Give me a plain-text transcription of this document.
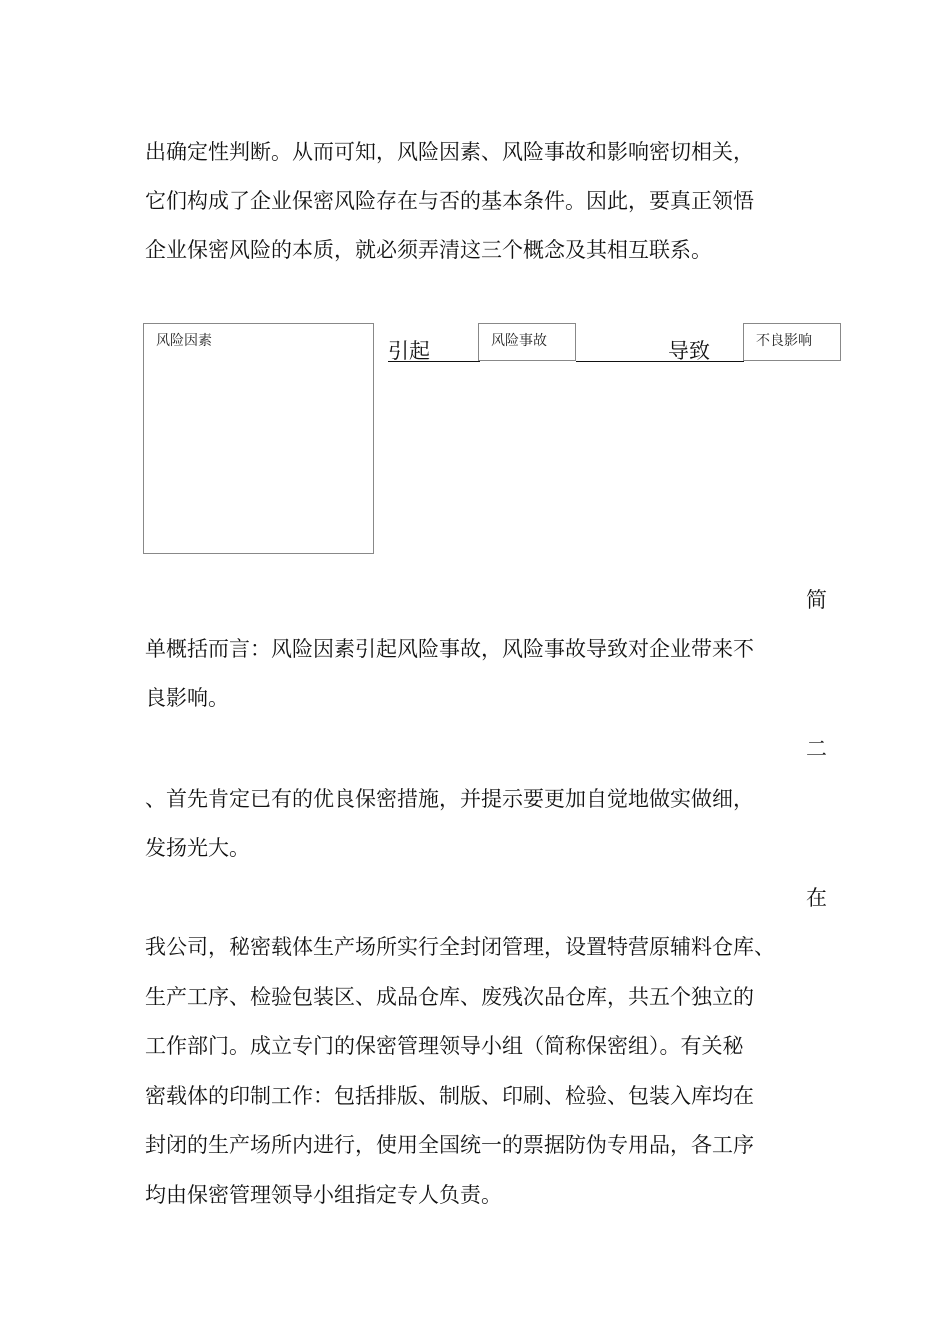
出确定性判断。从而可知，风险因素、风险事故和影响密切相关，

它们构成了企业保密风险存在与否的基本条件。因此，要真正领悟

企业保密风险的本质，就必须弄清这三个概念及其相互联系。

风险因素	引起	风险事故	导致	不良影响

简

单概括而言：风险因素引起风险事故，风险事故导致对企业带来不

良影响。

二

、首先肯定已有的优良保密措施，并提示要更加自觉地做实做细，

发扬光大。

在

我公司，秘密载体生产场所实行全封闭管理，设置特营原辅料仓库、

生产工序、检验包装区、成品仓库、废残次品仓库，共五个独立的

工作部门。成立专门的保密管理领导小组（简称保密组）。有关秘

密载体的印制工作：包括排版、制版、印刷、检验、包装入库均在

封闭的生产场所内进行，使用全国统一的票据防伪专用品，各工序

均由保密管理领导小组指定专人负责。
